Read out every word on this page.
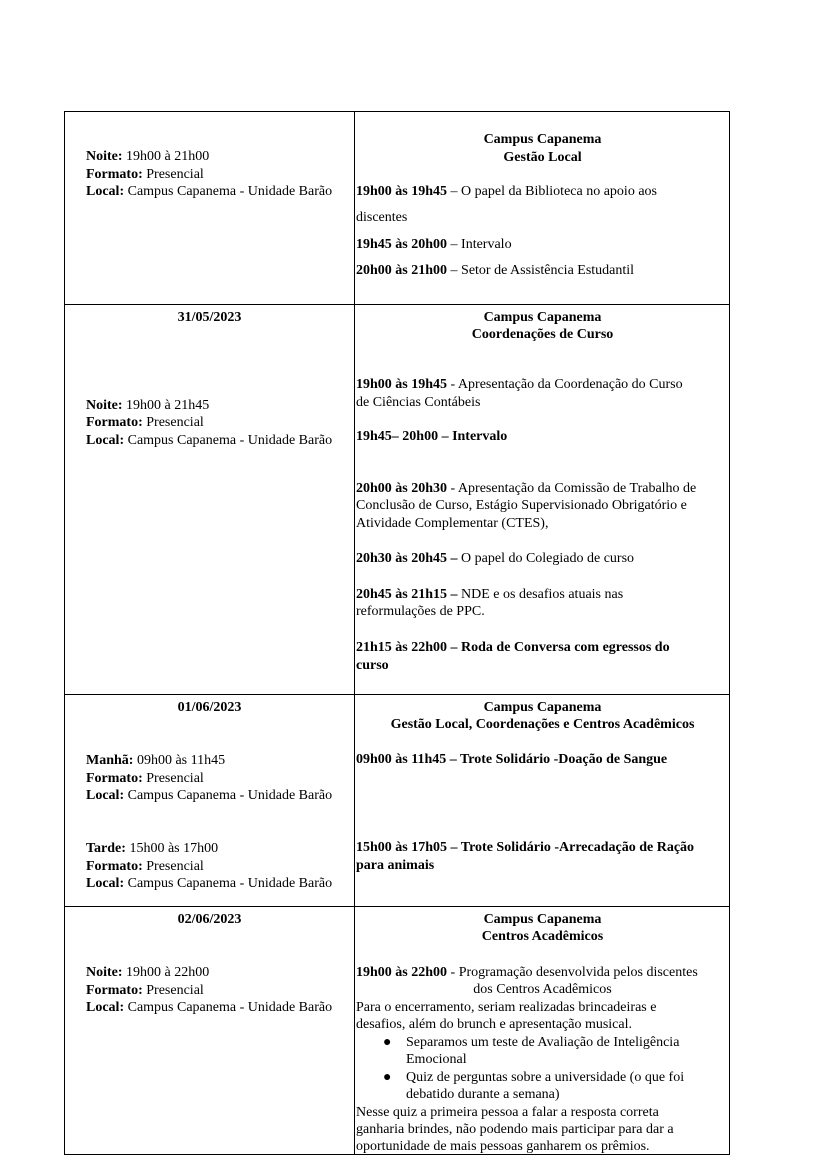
Noite: 19h00 à 21h00
Formato: Presencial
Local: Campus Capanema - Unidade Barão
Campus Capanema
Gestão Local
19h00 às 19h45 – O papel da Biblioteca no apoio aos
discentes
19h45 às 20h00 – Intervalo
20h00 às 21h00 – Setor de Assistência Estudantil
31/05/2023
Noite: 19h00 à 21h45
Formato: Presencial
Local: Campus Capanema - Unidade Barão
Campus Capanema
Coordenações de Curso
19h00 às 19h45 - Apresentação da Coordenação do Curso
de Ciências Contábeis
19h45– 20h00 – Intervalo
20h00 às 20h30 - Apresentação da Comissão de Trabalho de
Conclusão de Curso, Estágio Supervisionado Obrigatório e
Atividade Complementar (CTES),
20h30 às 20h45 – O papel do Colegiado de curso
20h45 às 21h15 – NDE e os desafios atuais nas
reformulações de PPC.
21h15 às 22h00 – Roda de Conversa com egressos do
curso
01/06/2023
Manhã: 09h00 às 11h45
Formato: Presencial
Local: Campus Capanema - Unidade Barão
Tarde: 15h00 às 17h00
Formato: Presencial
Local: Campus Capanema - Unidade Barão
Campus Capanema
Gestão Local, Coordenações e Centros Acadêmicos
09h00 às 11h45 – Trote Solidário -Doação de Sangue
15h00 às 17h05 – Trote Solidário -Arrecadação de Ração
para animais
02/06/2023
Noite: 19h00 à 22h00
Formato: Presencial
Local: Campus Capanema - Unidade Barão
Campus Capanema
Centros Acadêmicos
19h00 às 22h00 - Programação desenvolvida pelos discentes
dos Centros Acadêmicos
Para o encerramento, seriam realizadas brincadeiras e
desafios, além do brunch e apresentação musical.
● Separamos um teste de Avaliação de Inteligência
Emocional
● Quiz de perguntas sobre a universidade (o que foi
debatido durante a semana)
Nesse quiz a primeira pessoa a falar a resposta correta
ganharia brindes, não podendo mais participar para dar a
oportunidade de mais pessoas ganharem os prêmios.
